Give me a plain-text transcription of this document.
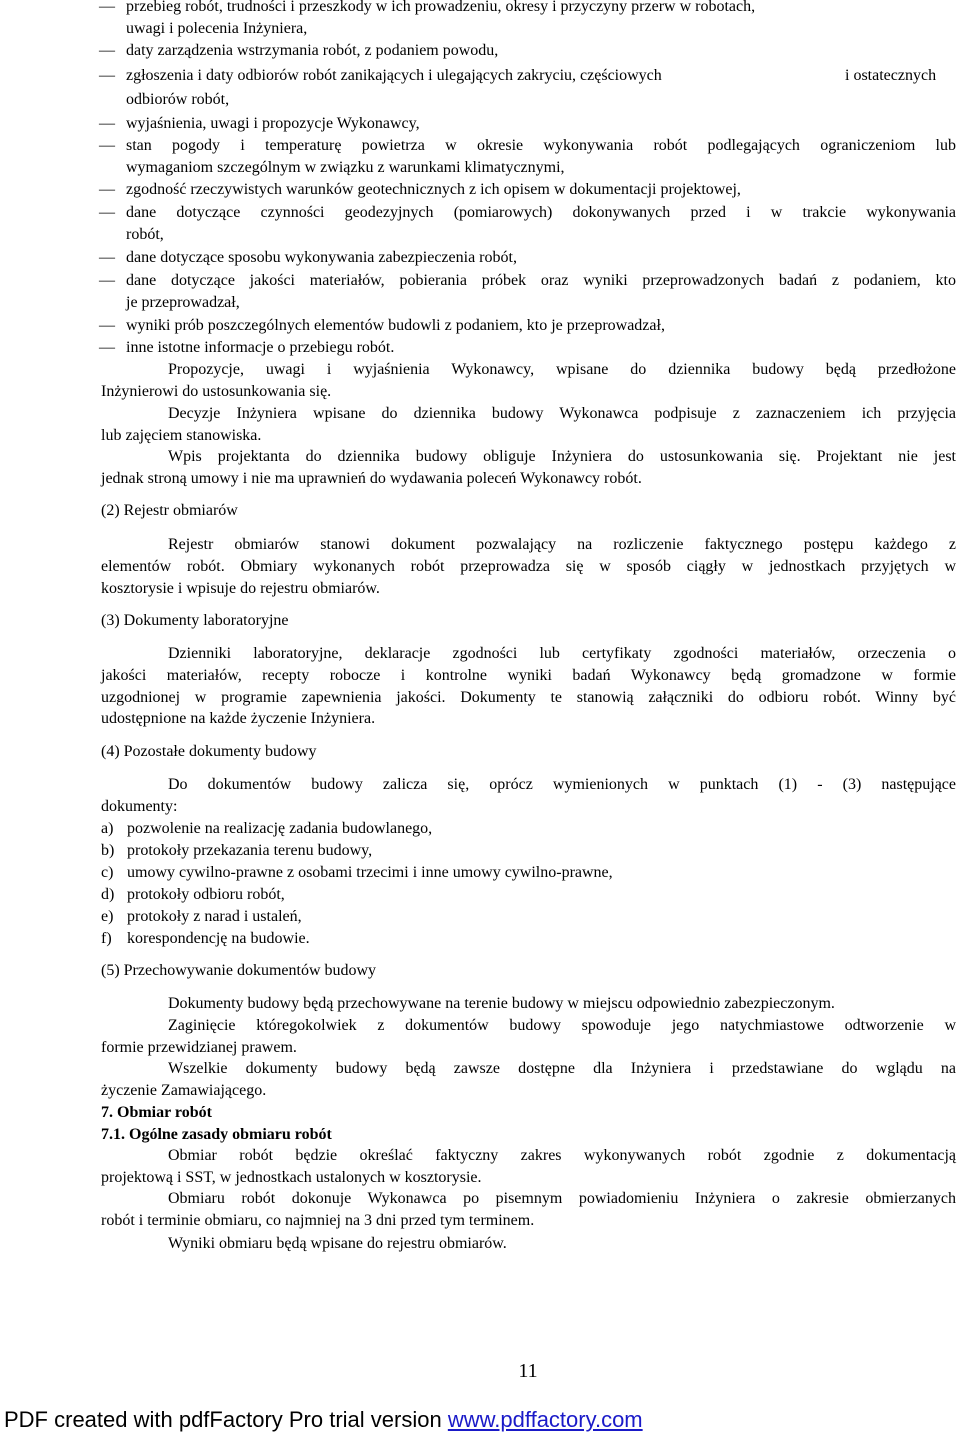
— przebieg robót, trudności i przeszkody w ich prowadzeniu, okresy i przyczyny przerw w robotach,
uwagi i polecenia Inżyniera,
— daty zarządzenia wstrzymania robót, z podaniem powodu,
— zgłoszenia i daty odbiorów robót zanikających i ulegających zakryciu, częściowych	i ostatecznych
odbiorów robót,
— wyjaśnienia, uwagi i propozycje Wykonawcy,
— stan pogody i temperaturę powietrza w okresie wykonywania robót podlegających ograniczeniom lub
wymaganiom szczególnym w związku z warunkami klimatycznymi,
— zgodność rzeczywistych warunków geotechnicznych z ich opisem w dokumentacji projektowej,
— dane dotyczące czynności geodezyjnych (pomiarowych) dokonywanych przed i w trakcie wykonywania
robót,
— dane dotyczące sposobu wykonywania zabezpieczenia robót,
— dane dotyczące jakości materiałów, pobierania próbek oraz wyniki przeprowadzonych badań z podaniem, kto
je przeprowadzał,
— wyniki prób poszczególnych elementów budowli z podaniem, kto je przeprowadzał,
— inne istotne informacje o przebiegu robót.
Propozycje, uwagi i wyjaśnienia Wykonawcy, wpisane do dziennika budowy będą przedłożone
Inżynierowi do ustosunkowania się.
Decyzje Inżyniera wpisane do dziennika budowy Wykonawca podpisuje z zaznaczeniem ich przyjęcia
lub zajęciem stanowiska.
Wpis projektanta do dziennika budowy obliguje Inżyniera do ustosunkowania się. Projektant nie jest
jednak stroną umowy i nie ma uprawnień do wydawania poleceń Wykonawcy robót.
(2) Rejestr obmiarów
Rejestr obmiarów stanowi dokument pozwalający na rozliczenie faktycznego postępu każdego z
elementów robót. Obmiary wykonanych robót przeprowadza się w sposób ciągły w jednostkach przyjętych w
kosztorysie i wpisuje do rejestru obmiarów.
(3) Dokumenty laboratoryjne
Dzienniki laboratoryjne, deklaracje zgodności lub certyfikaty zgodności materiałów, orzeczenia o
jakości materiałów, recepty robocze i kontrolne wyniki badań Wykonawcy będą gromadzone w formie
uzgodnionej w programie zapewnienia jakości. Dokumenty te stanowią załączniki do odbioru robót. Winny być
udostępnione na każde życzenie Inżyniera.
(4) Pozostałe dokumenty budowy
Do dokumentów budowy zalicza się, oprócz wymienionych w punktach (1) - (3) następujące
dokumenty:
a) pozwolenie na realizację zadania budowlanego,
b) protokoły przekazania terenu budowy,
c) umowy cywilno-prawne z osobami trzecimi i inne umowy cywilno-prawne,
d) protokoły odbioru robót,
e) protokoły z narad i ustaleń,
f) korespondencję na budowie.
(5) Przechowywanie dokumentów budowy
Dokumenty budowy będą przechowywane na terenie budowy w miejscu odpowiednio zabezpieczonym.
Zaginięcie któregokolwiek z dokumentów budowy spowoduje jego natychmiastowe odtworzenie w
formie przewidzianej prawem.
Wszelkie dokumenty budowy będą zawsze dostępne dla Inżyniera i przedstawiane do wglądu na
życzenie Zamawiającego.
7. Obmiar robót
7.1. Ogólne zasady obmiaru robót
Obmiar robót będzie określać faktyczny zakres wykonywanych robót zgodnie z dokumentacją
projektową i SST, w jednostkach ustalonych w kosztorysie.
Obmiaru robót dokonuje Wykonawca po pisemnym powiadomieniu Inżyniera o zakresie obmierzanych
robót i terminie obmiaru, co najmniej na 3 dni przed tym terminem.
Wyniki obmiaru będą wpisane do rejestru obmiarów.
11
PDF created with pdfFactory Pro trial version www.pdffactory.com
